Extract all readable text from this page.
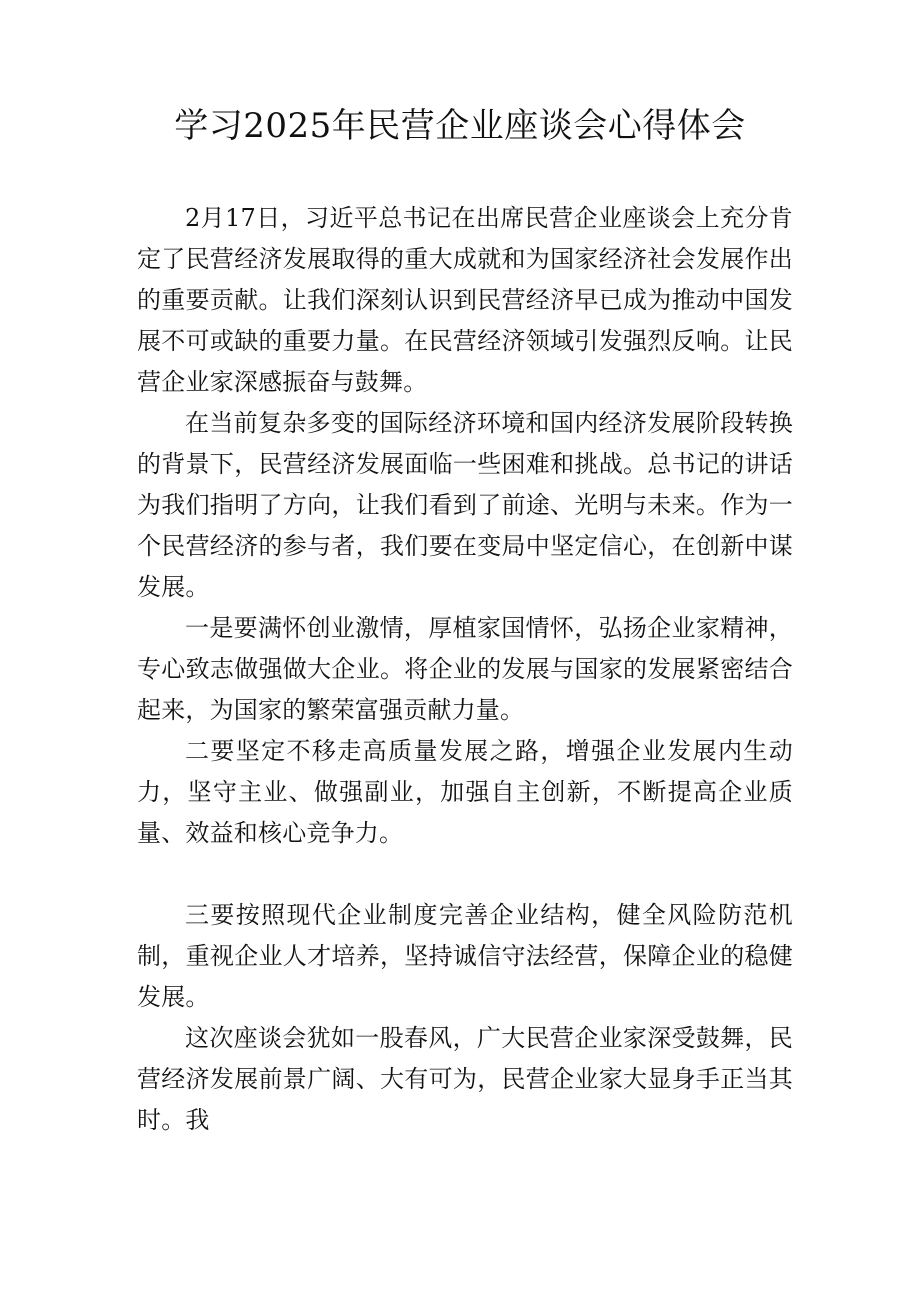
学习2025年民营企业座谈会心得体会

2月17日，习近平总书记在出席民营企业座谈会上充分肯定了民营经济发展取得的重大成就和为国家经济社会发展作出的重要贡献。让我们深刻认识到民营经济早已成为推动中国发展不可或缺的重要力量。在民营经济领域引发强烈反响。让民营企业家深感振奋与鼓舞。

在当前复杂多变的国际经济环境和国内经济发展阶段转换的背景下，民营经济发展面临一些困难和挑战。总书记的讲话为我们指明了方向，让我们看到了前途、光明与未来。作为一个民营经济的参与者，我们要在变局中坚定信心，在创新中谋发展。

一是要满怀创业激情，厚植家国情怀，弘扬企业家精神，专心致志做强做大企业。将企业的发展与国家的发展紧密结合起来，为国家的繁荣富强贡献力量。

二要坚定不移走高质量发展之路，增强企业发展内生动力，坚守主业、做强副业，加强自主创新，不断提高企业质量、效益和核心竞争力。

三要按照现代企业制度完善企业结构，健全风险防范机制，重视企业人才培养，坚持诚信守法经营，保障企业的稳健发展。

这次座谈会犹如一股春风，广大民营企业家深受鼓舞，民营经济发展前景广阔、大有可为，民营企业家大显身手正当其时。我
